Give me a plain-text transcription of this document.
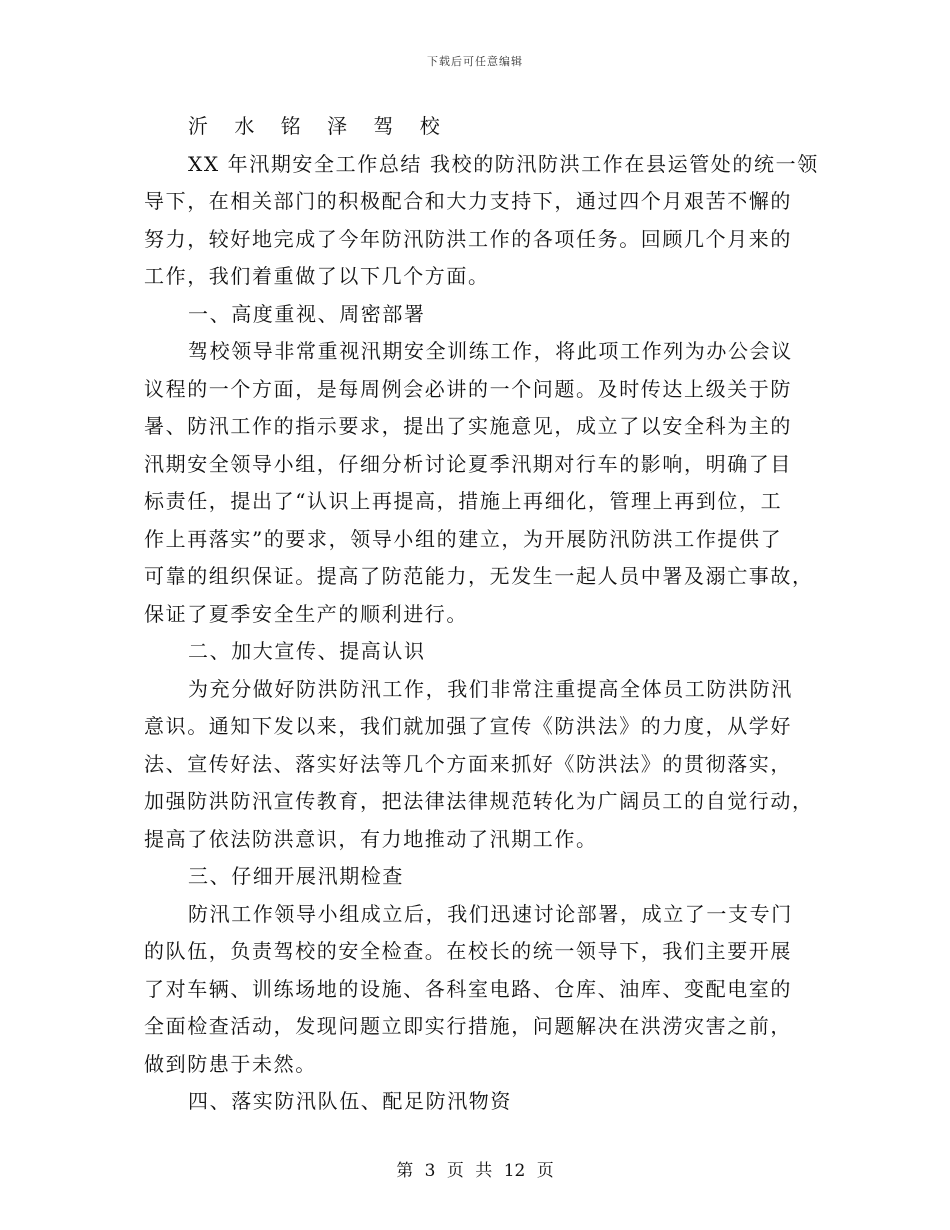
下载后可任意编辑
沂 水 铭 泽 驾 校
XX 年汛期安全工作总结 我校的防汛防洪工作在县运管处的统一领
导下，在相关部门的积极配合和大力支持下，通过四个月艰苦不懈的
努力，较好地完成了今年防汛防洪工作的各项任务。回顾几个月来的
工作，我们着重做了以下几个方面。
一、高度重视、周密部署
驾校领导非常重视汛期安全训练工作，将此项工作列为办公会议
议程的一个方面，是每周例会必讲的一个问题。及时传达上级关于防
暑、防汛工作的指示要求，提出了实施意见，成立了以安全科为主的
汛期安全领导小组，仔细分析讨论夏季汛期对行车的影响，明确了目
标责任，提出了“认识上再提高，措施上再细化，管理上再到位，工
作上再落实”的要求，领导小组的建立，为开展防汛防洪工作提供了
可靠的组织保证。提高了防范能力，无发生一起人员中署及溺亡事故，
保证了夏季安全生产的顺利进行。
二、加大宣传、提高认识
为充分做好防洪防汛工作，我们非常注重提高全体员工防洪防汛
意识。通知下发以来，我们就加强了宣传《防洪法》的力度，从学好
法、宣传好法、落实好法等几个方面来抓好《防洪法》的贯彻落实，
加强防洪防汛宣传教育，把法律法律规范转化为广阔员工的自觉行动，
提高了依法防洪意识，有力地推动了汛期工作。
三、仔细开展汛期检查
防汛工作领导小组成立后，我们迅速讨论部署，成立了一支专门
的队伍，负责驾校的安全检查。在校长的统一领导下，我们主要开展
了对车辆、训练场地的设施、各科室电路、仓库、油库、变配电室的
全面检查活动，发现问题立即实行措施，问题解决在洪涝灾害之前，
做到防患于未然。
四、落实防汛队伍、配足防汛物资
第 3 页 共 12 页
